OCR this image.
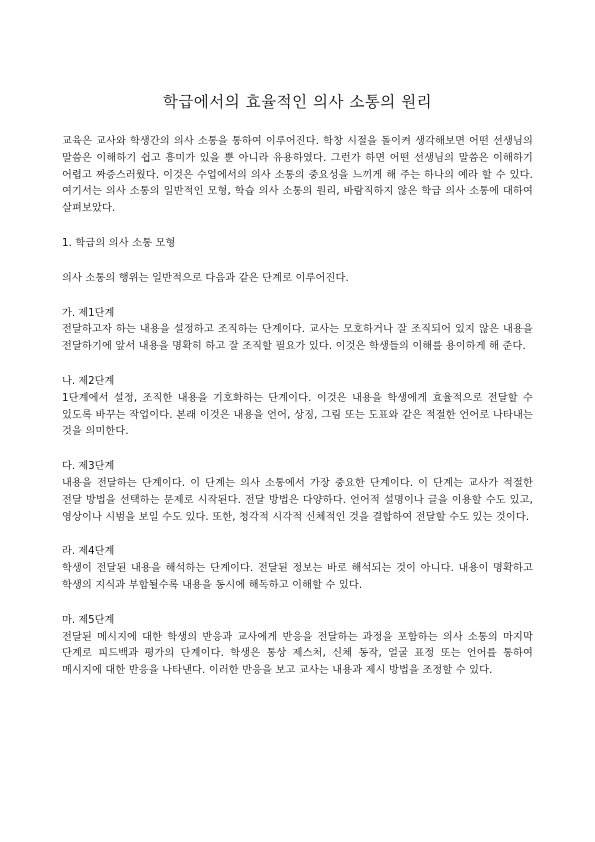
학급에서의 효율적인 의사 소통의 원리

교육은 교사와 학생간의 의사 소통을 통하여 이루어진다. 학창 시절을 돌이켜 생각해보면 어떤 선생님의 말씀은 이해하기 쉽고 흥미가 있을 뿐 아니라 유용하였다. 그런가 하면 어떤 선생님의 말씀은 이해하기 어렵고 짜증스러웠다. 이것은 수업에서의 의사 소통의 중요성을 느끼게 해 주는 하나의 예라 할 수 있다. 여기서는 의사 소통의 일반적인 모형, 학습 의사 소통의 원리, 바람직하지 않은 학급 의사 소통에 대하여 살펴보았다.

1. 학급의 의사 소통 모형

의사 소통의 행위는 일반적으로 다음과 같은 단계로 이루어진다.

가. 제1단계

전달하고자 하는 내용을 설정하고 조직하는 단계이다. 교사는 모호하거나 잘 조직되어 있지 않은 내용을 전달하기에 앞서 내용을 명확히 하고 잘 조직할 필요가 있다. 이것은 학생들의 이해를 용이하게 해 준다.

나. 제2단계

1단계에서 설정, 조직한 내용을 기호화하는 단계이다. 이것은 내용을 학생에게 효율적으로 전달할 수 있도록 바꾸는 작업이다. 본래 이것은 내용을 언어, 상징, 그림 또는 도표와 같은 적절한 언어로 나타내는 것을 의미한다.

다. 제3단계

내용을 전달하는 단계이다. 이 단계는 의사 소통에서 가장 중요한 단계이다. 이 단계는 교사가 적절한 전달 방법을 선택하는 문제로 시작된다. 전달 방법은 다양하다. 언어적 설명이나 글을 이용할 수도 있고, 영상이나 시범을 보일 수도 있다. 또한, 청각적 시각적 신체적인 것을 결합하여 전달할 수도 있는 것이다.

라. 제4단계

학생이 전달된 내용을 해석하는 단계이다. 전달된 정보는 바로 해석되는 것이 아니다. 내용이 명확하고 학생의 지식과 부합될수록 내용을 동시에 해독하고 이해할 수 있다.

마. 제5단계

전달된 메시지에 대한 학생의 반응과 교사에게 반응을 전달하는 과정을 포함하는 의사 소통의 마지막 단계로 피드백과 평가의 단계이다. 학생은 통상 제스처, 신체 동작, 얼굴 표정 또는 언어를 통하여 메시지에 대한 반응을 나타낸다. 이러한 반응을 보고 교사는 내용과 제시 방법을 조정할 수 있다.
